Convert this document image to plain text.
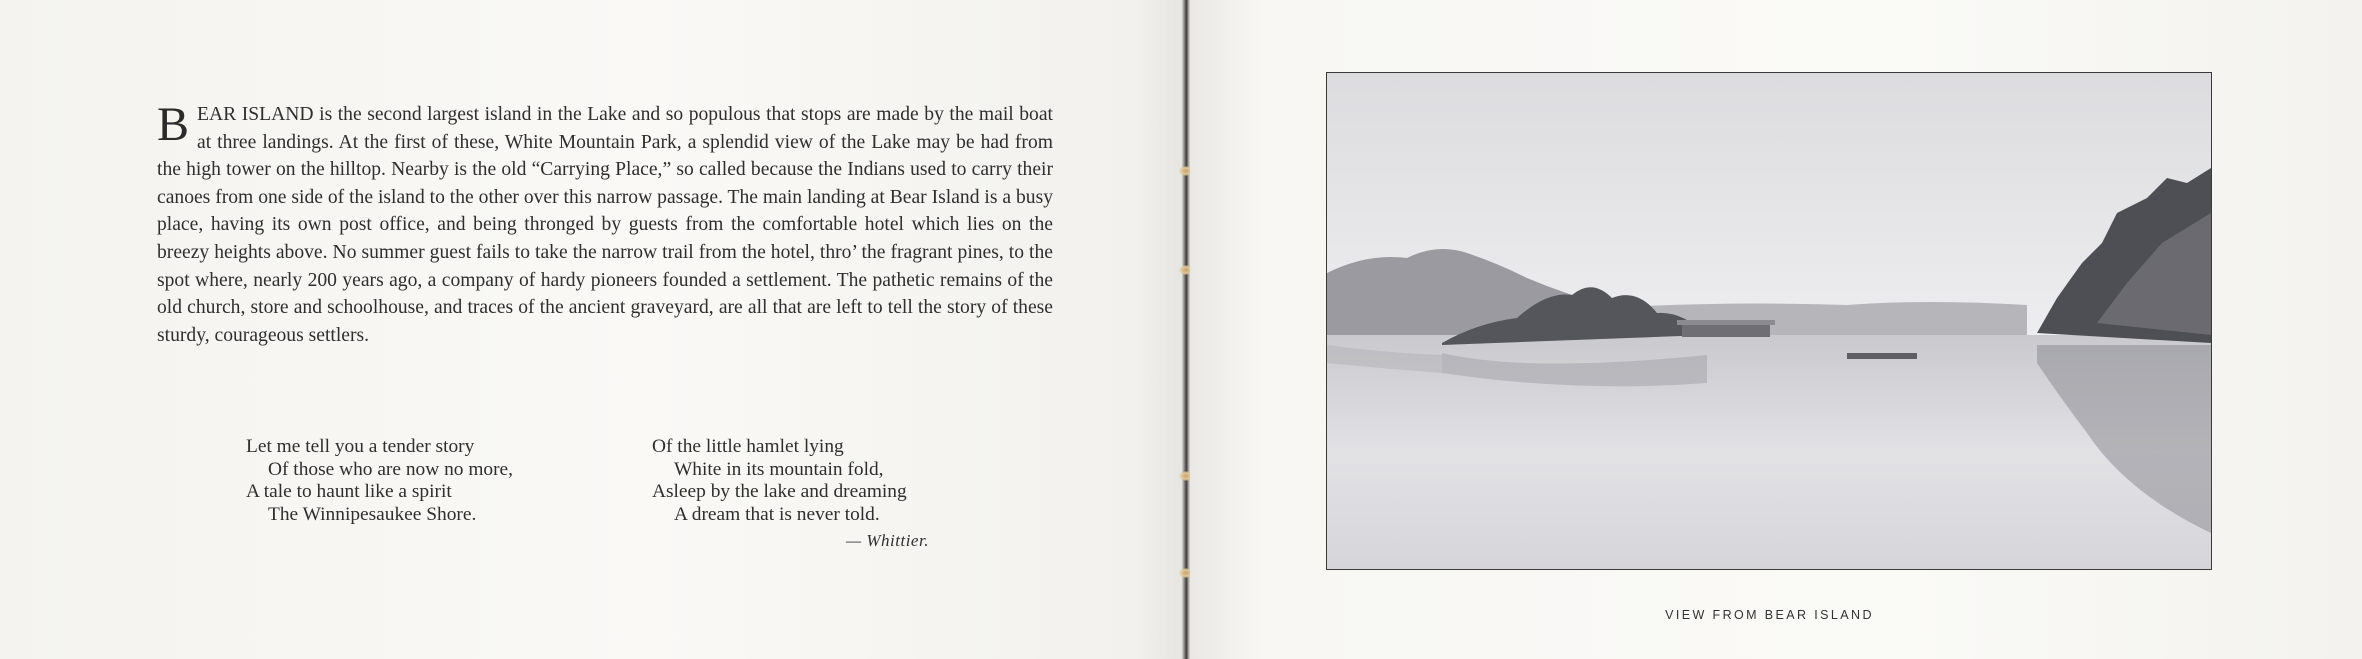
BEAR ISLAND is the second largest island in the Lake and so populous that stops are made by the mail boat at three landings. At the first of these, White Mountain Park, a splendid view of the Lake may be had from the high tower on the hilltop. Nearby is the old “Carrying Place,” so called because the Indians used to carry their canoes from one side of the island to the other over this narrow passage. The main landing at Bear Island is a busy place, having its own post office, and being thronged by guests from the comfortable hotel which lies on the breezy heights above. No summer guest fails to take the narrow trail from the hotel, thro’ the fragrant pines, to the spot where, nearly 200 years ago, a company of hardy pioneers founded a settlement. The pathetic remains of the old church, store and schoolhouse, and traces of the ancient graveyard, are all that are left to tell the story of these sturdy, courageous settlers.

Let me tell you a tender story
Of those who are now no more,
A tale to haunt like a spirit
The Winnipesaukee Shore.
Of the little hamlet lying
White in its mountain fold,
Asleep by the lake and dreaming
A dream that is never told.
— Whittier.
VIEW FROM BEAR ISLAND
